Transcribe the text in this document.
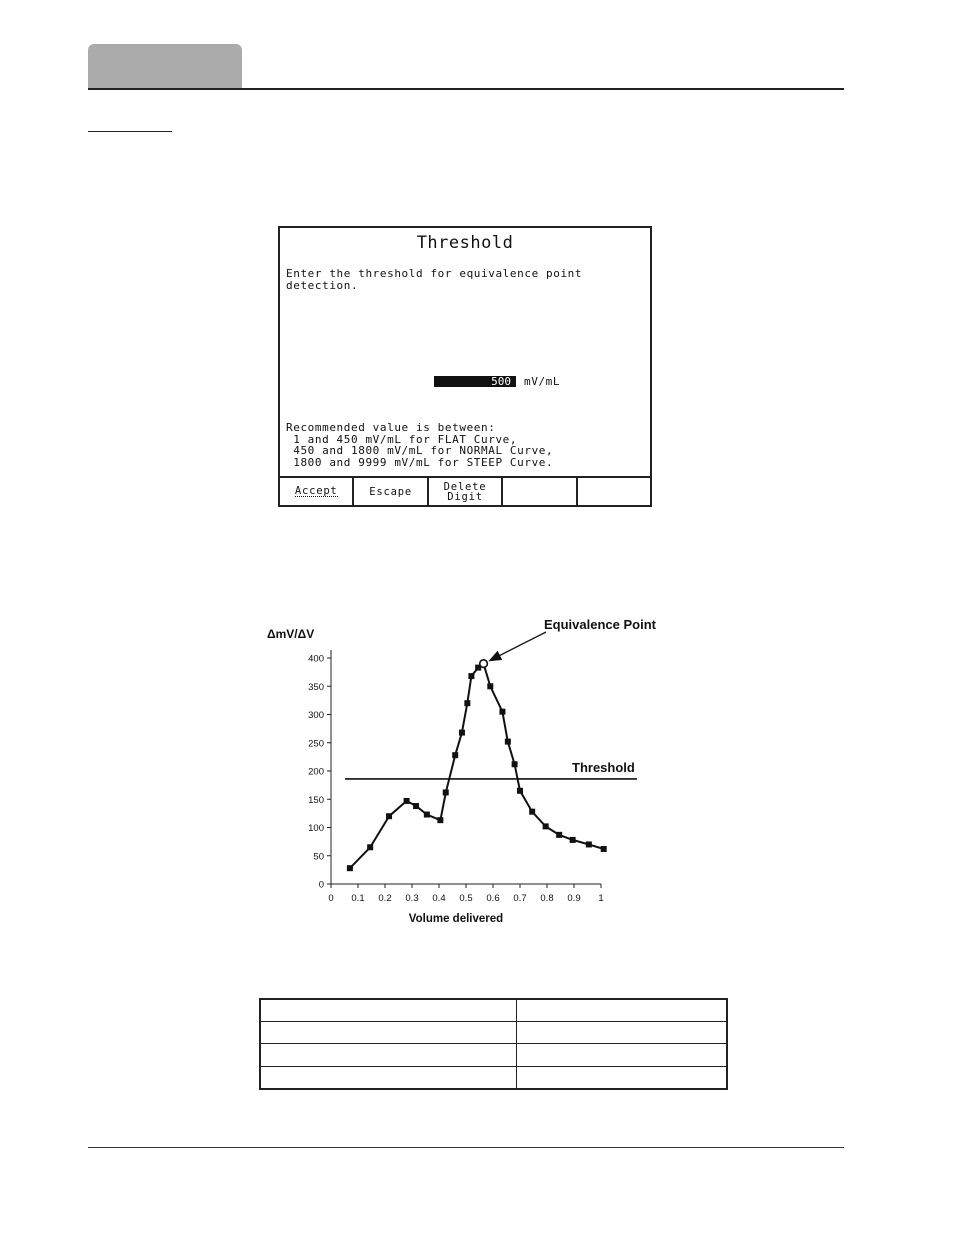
Threshold
Enter the threshold for equivalence point
detection.
500	mV/mL
Recommended value is between:
1 and 450 mV/mL for FLAT Curve,
450 and 1800 mV/mL for NORMAL Curve,
1800 and 9999 mV/mL for STEEP Curve.
Accept	Escape	Delete
Digit
0
50
100
150
200
250
300
350
400
0 0.1 0.2 0.3 0.4 0.5 0.6 0.7 0.8 0.9 1
ΔmV/ΔV
Volume delivered
Threshold
Equivalence Point
